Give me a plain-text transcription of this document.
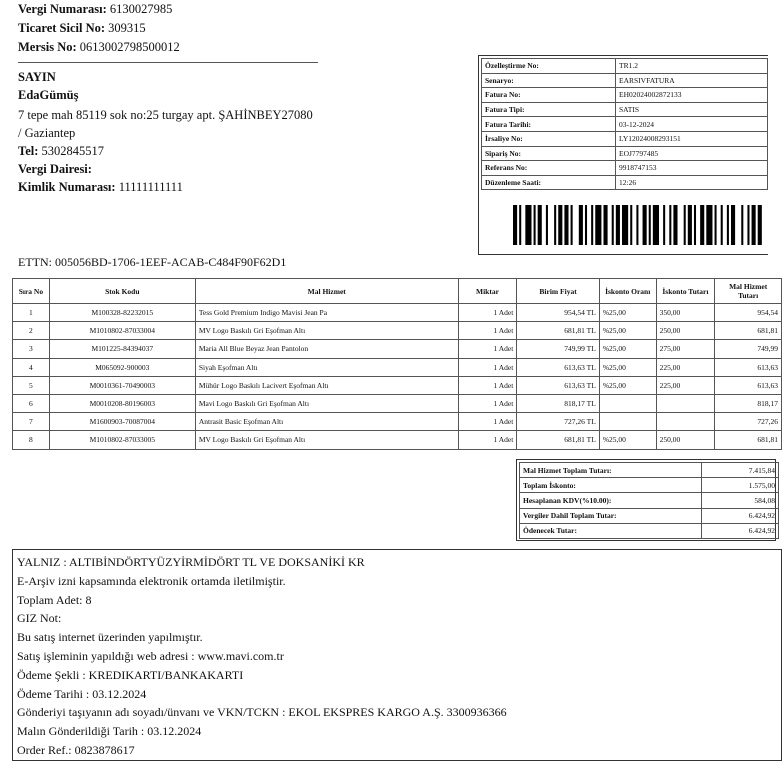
Vergi Numarası: 6130027985
Ticaret Sicil No: 309315
Mersis No: 0613002798500012
SAYIN
EdaGümüş
7 tepe mah 85119 sok no:25 turgay apt. ŞAHİNBEY27080
/ Gaziantep
Tel: 5302845517
Vergi Dairesi:
Kimlik Numarası: 11111111111
Özelleştirme No:	TR1.2
Senaryo:	EARSIVFATURA
Fatura No:	EH02024002872133
Fatura Tipi:	SATIS
Fatura Tarihi:	03-12-2024
İrsaliye No:	LY12024008293151
Sipariş No:	EOJ7797485
Referans No:	9918747153
Düzenleme Saati:	12:26
ETTN: 005056BD-1706-1EEF-ACAB-C484F90F62D1
Sıra No	Stok Kodu	Mal Hizmet	Miktar	Birim Fiyat	İskonto Oranı	İskonto Tutarı	Mal Hizmet Tutarı
1	M100328-82232015	Tess Gold Premium Indigo Mavisi Jean Pa	1 Adet	954,54 TL	%25,00	350,00	954,54
2	M1010802-87033004	MV Logo Baskılı Gri Eşofman Altı	1 Adet	681,81 TL	%25,00	250,00	681,81
3	M101225-84394037	Maria All Blue Beyaz Jean Pantolon	1 Adet	749,99 TL	%25,00	275,00	749,99
4	M065092-900003	Siyah Eşofman Altı	1 Adet	613,63 TL	%25,00	225,00	613,63
5	M0010361-70490003	Mühür Logo Baskılı Lacivert Eşofman Altı	1 Adet	613,63 TL	%25,00	225,00	613,63
6	M0010208-80196003	Mavi Logo Baskılı Gri Eşofman Altı	1 Adet	818,17 TL			818,17
7	M1600903-70087004	Antrasit Basic Eşofman Altı	1 Adet	727,26 TL			727,26
8	M1010802-87033005	MV Logo Baskılı Gri Eşofman Altı	1 Adet	681,81 TL	%25,00	250,00	681,81
Mal Hizmet Toplam Tutarı:	7.415,84
Toplam İskonto:	1.575,00
Hesaplanan KDV(%10.00):	584,08
Vergiler Dahil Toplam Tutar:	6.424,92
Ödenecek Tutar:	6.424,92
YALNIZ : ALTIBİNDÖRTYÜZYİRMİDÖRT TL VE DOKSANİKİ KR
E-Arşiv izni kapsamında elektronik ortamda iletilmiştir.
Toplam Adet: 8
GIZ Not:
Bu satış internet üzerinden yapılmıştır.
Satış işleminin yapıldığı web adresi : www.mavi.com.tr
Ödeme Şekli : KREDIKARTI/BANKAKARTI
Ödeme Tarihi : 03.12.2024
Gönderiyi taşıyanın adı soyadı/ünvanı ve VKN/TCKN : EKOL EKSPRES KARGO A.Ş. 3300936366
Malın Gönderildiği Tarih : 03.12.2024
Order Ref.: 0823878617
